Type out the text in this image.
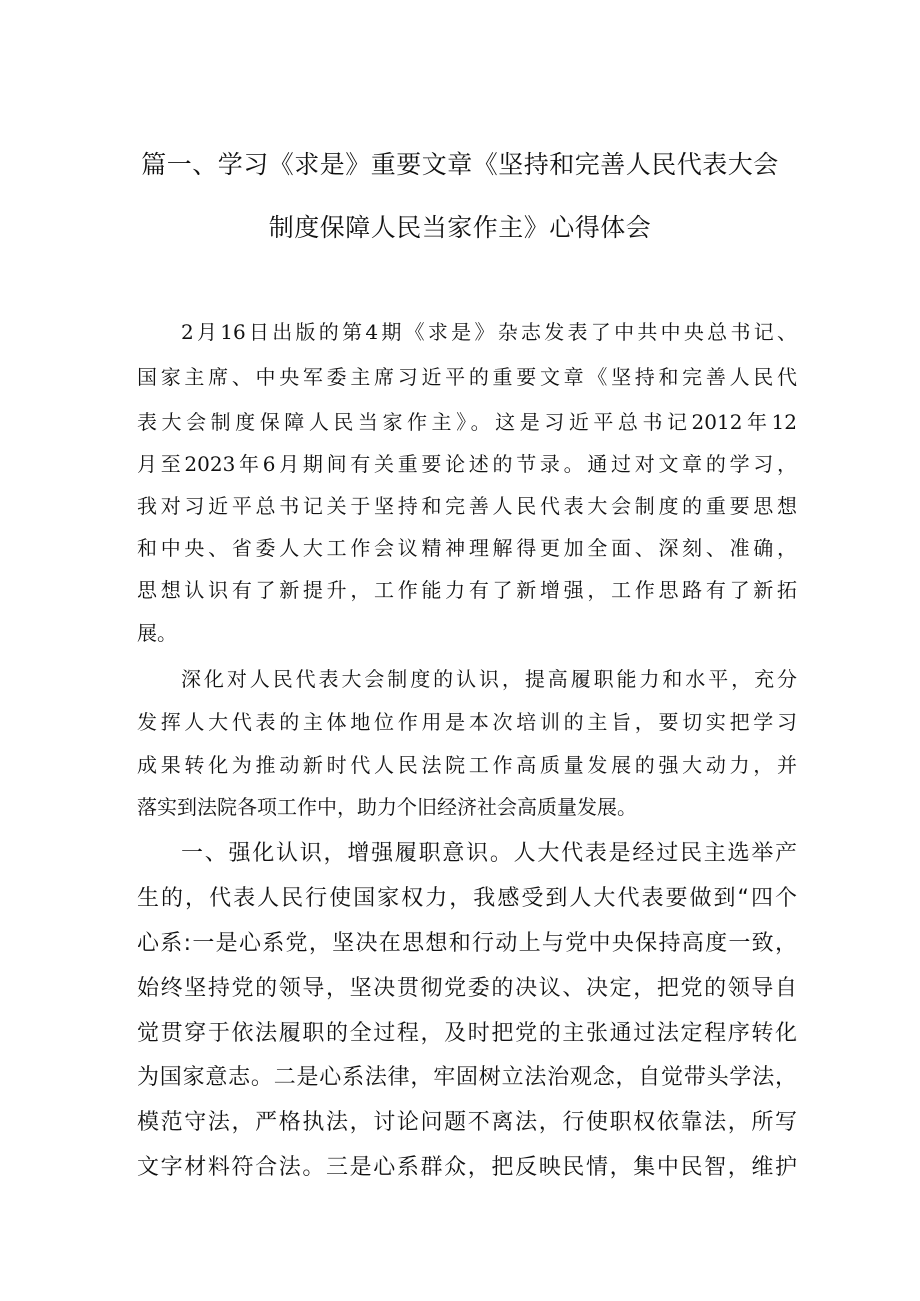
篇一、学习《求是》重要文章《坚持和完善人民代表大会
制度保障人民当家作主》心得体会
2月16日出版的第4期《求是》杂志发表了中共中央总书记、
国家主席、中央军委主席习近平的重要文章《坚持和完善人民代
表大会制度保障人民当家作主》。这是习近平总书记2012年12
月至2023年6月期间有关重要论述的节录。通过对文章的学习，
我对习近平总书记关于坚持和完善人民代表大会制度的重要思想
和中央、省委人大工作会议精神理解得更加全面、深刻、准确，
思想认识有了新提升，工作能力有了新增强，工作思路有了新拓
展。
深化对人民代表大会制度的认识，提高履职能力和水平，充分
发挥人大代表的主体地位作用是本次培训的主旨，要切实把学习
成果转化为推动新时代人民法院工作高质量发展的强大动力，并
落实到法院各项工作中，助力个旧经济社会高质量发展。
一、强化认识，增强履职意识。人大代表是经过民主选举产
生的，代表人民行使国家权力，我感受到人大代表要做到“四个
心系:一是心系党，坚决在思想和行动上与党中央保持高度一致，
始终坚持党的领导，坚决贯彻党委的决议、决定，把党的领导自
觉贯穿于依法履职的全过程，及时把党的主张通过法定程序转化
为国家意志。二是心系法律，牢固树立法治观念，自觉带头学法，
模范守法，严格执法，讨论问题不离法，行使职权依靠法，所写
文字材料符合法。三是心系群众，把反映民情，集中民智，维护
